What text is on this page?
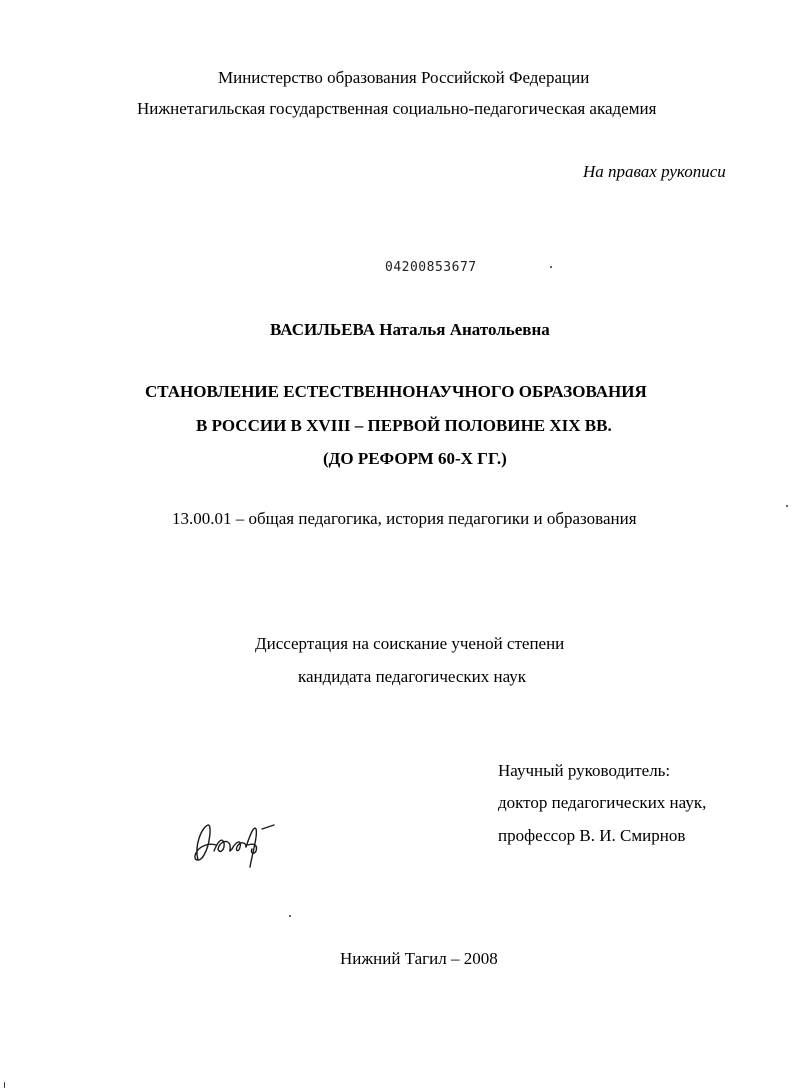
Министерство образования Российской Федерации
Нижнетагильская государственная социально-педагогическая академия
На правах рукописи
04200853677
ВАСИЛЬЕВА Наталья Анатольевна
СТАНОВЛЕНИЕ ЕСТЕСТВЕННОНАУЧНОГО ОБРАЗОВАНИЯ
В РОССИИ В XVIII – ПЕРВОЙ ПОЛОВИНЕ XIX ВВ.
(ДО РЕФОРМ 60-Х ГГ.)
13.00.01 – общая педагогика, история педагогики и образования
Диссертация на соискание ученой степени
кандидата педагогических наук
Научный руководитель:
доктор педагогических наук,
профессор В. И. Смирнов
Нижний Тагил – 2008
